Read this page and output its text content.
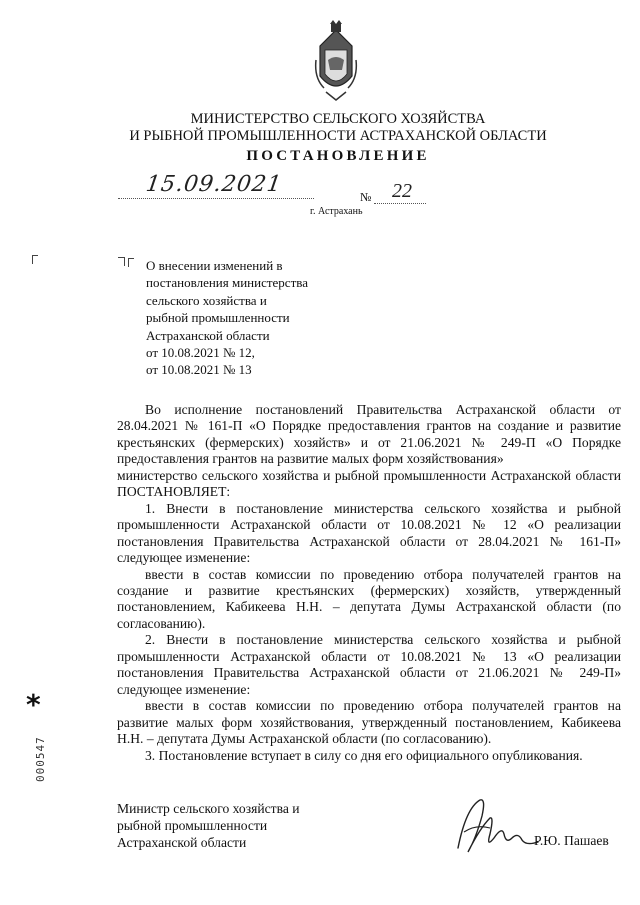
МИНИСТЕРСТВО СЕЛЬСКОГО ХОЗЯЙСТВА
И РЫБНОЙ ПРОМЫШЛЕННОСТИ АСТРАХАНСКОЙ ОБЛАСТИ
ПОСТАНОВЛЕНИЕ
15.09.2021	№ 22
г. Астрахань
О внесении изменений в
постановления министерства
сельского хозяйства и
рыбной промышленности
Астраханской области
от 10.08.2021 № 12,
от 10.08.2021 № 13

Во исполнение постановлений Правительства Астраханской области от 28.04.2021 № 161-П «О Порядке предоставления грантов на создание и развитие крестьянских (фермерских) хозяйств» и от 21.06.2021 № 249-П «О Порядке предоставления грантов на развитие малых форм хозяйствования»

министерство сельского хозяйства и рыбной промышленности Астраханской области ПОСТАНОВЛЯЕТ:

1. Внести в постановление министерства сельского хозяйства и рыбной промышленности Астраханской области от 10.08.2021 № 12 «О реализации постановления Правительства Астраханской области от 28.04.2021 № 161-П» следующее изменение:

ввести в состав комиссии по проведению отбора получателей грантов на создание и развитие крестьянских (фермерских) хозяйств, утвержденный постановлением, Кабикеева Н.Н. – депутата Думы Астраханской области (по согласованию).

2. Внести в постановление министерства сельского хозяйства и рыбной промышленности Астраханской области от 10.08.2021 № 13 «О реализации постановления Правительства Астраханской области от 21.06.2021 № 249-П» следующее изменение:

ввести в состав комиссии по проведению отбора получателей грантов на развитие малых форм хозяйствования, утвержденный постановлением, Кабикеева Н.Н. – депутата Думы Астраханской области (по согласованию).

3. Постановление вступает в силу со дня его официального опубликования.

*
000547
Министр сельского хозяйства и
рыбной промышленности
Астраханской области	Р.Ю. Пашаев
